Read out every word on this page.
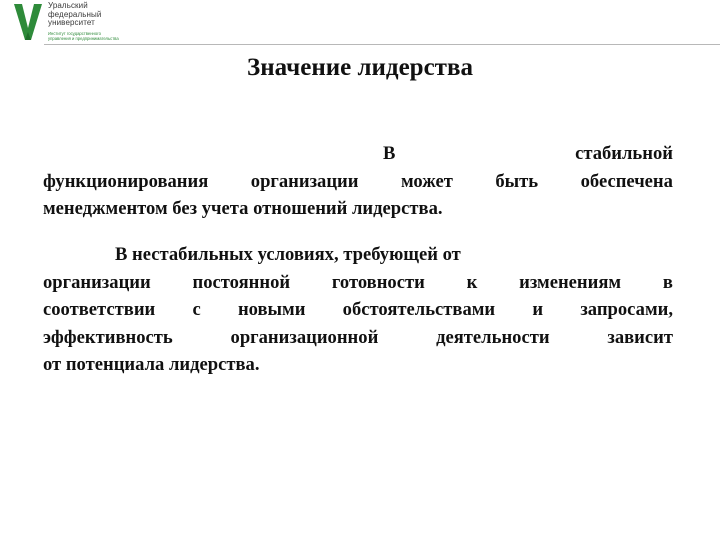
Уральский
федеральный
университет
Институт государственного
управления и предпринимательства
Значение лидерства
В	стабильной
функционирования организации может быть обеспечена
менеджментом без учета отношений лидерства.
В нестабильных условиях, требующей от
организации постоянной готовности к изменениям в
соответствии с новыми обстоятельствами и запросами,
эффективность	организационной	деятельности	зависит
от потенциала лидерства.
